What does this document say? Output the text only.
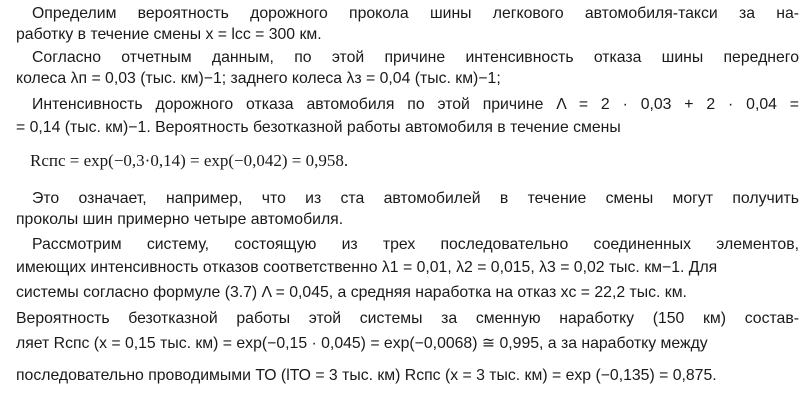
Определим вероятность дорожного прокола шины легкового автомобиля-такси за на-
работку в течение смены x = lcc = 300 км.
Согласно отчетным данным, по этой причине интенсивность отказа шины переднего
колеса λп = 0,03 (тыс. км)−1; заднего колеса λз = 0,04 (тыс. км)−1;
Интенсивность дорожного отказа автомобиля по этой причине Λ = 2 · 0,03 + 2 · 0,04 =
= 0,14 (тыс. км)−1. Вероятность безотказной работы автомобиля в течение смены
Rcпс = exp(−0,3·0,14) = exp(−0,042) = 0,958.
Это означает, например, что из ста автомобилей в течение смены могут получить
проколы шин примерно четыре автомобиля.
Рассмотрим систему, состоящую из трех последовательно соединенных элементов,
имеющих интенсивность отказов соответственно λ1 = 0,01, λ2 = 0,015, λ3 = 0,02 тыс. км−1. Для
системы согласно формуле (3.7) Λ = 0,045, а средняя наработка на отказ xc = 22,2 тыс. км.
Вероятность безотказной работы этой системы за сменную наработку (150 км) состав-
ляет Rcпс (x = 0,15 тыс. км) = exp(−0,15 · 0,045) = exp(−0,0068) ≅ 0,995, а за наработку между
последовательно проводимыми ТО (lТО = 3 тыс. км) Rcпс (x = 3 тыс. км) = exp (−0,135) = 0,875.
